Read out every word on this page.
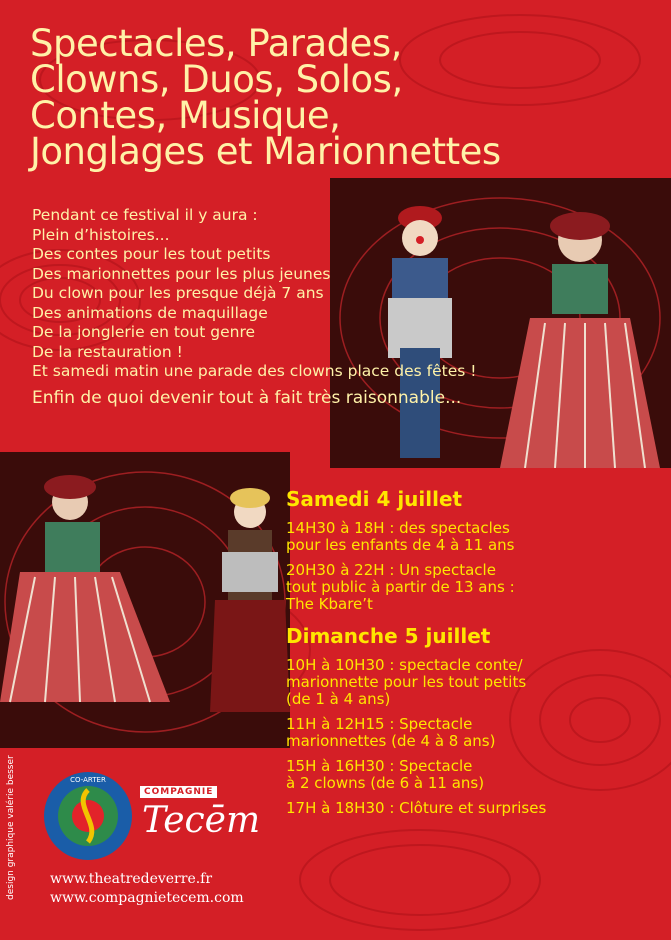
Spectacles, Parades,
Clowns, Duos, Solos,
Contes, Musique,
Jonglages et Marionnettes
Pendant ce festival il y aura :
Plein d’histoires...
Des contes pour les tout petits
Des marionnettes pour les plus jeunes
Du clown pour les presque déjà 7 ans
Des animations de maquillage
De la jonglerie en tout genre
De la restauration !
Et samedi matin une parade des clowns place des fêtes !
Enfin de quoi devenir tout à fait très raisonnable...
Samedi 4 juillet
14H30 à 18H : des spectacles
pour les enfants de 4 à 11 ans
20H30 à 22H : Un spectacle
tout public à partir de 13 ans :
The Kbare’t
Dimanche 5 juillet
10H à 10H30 : spectacle conte/
marionnette pour les tout petits
(de 1 à 4 ans)
11H à 12H15 : Spectacle
marionnettes (de 4 à 8 ans)
15H à 16H30 : Spectacle
à 2 clowns (de 6 à 11 ans)
17H à 18H30 : Clôture et surprises
design graphique valérie besser	CO-ARTER
COMPAGNIE
Tecēm
www.theatredeverre.fr
www.compagnietecem.com
